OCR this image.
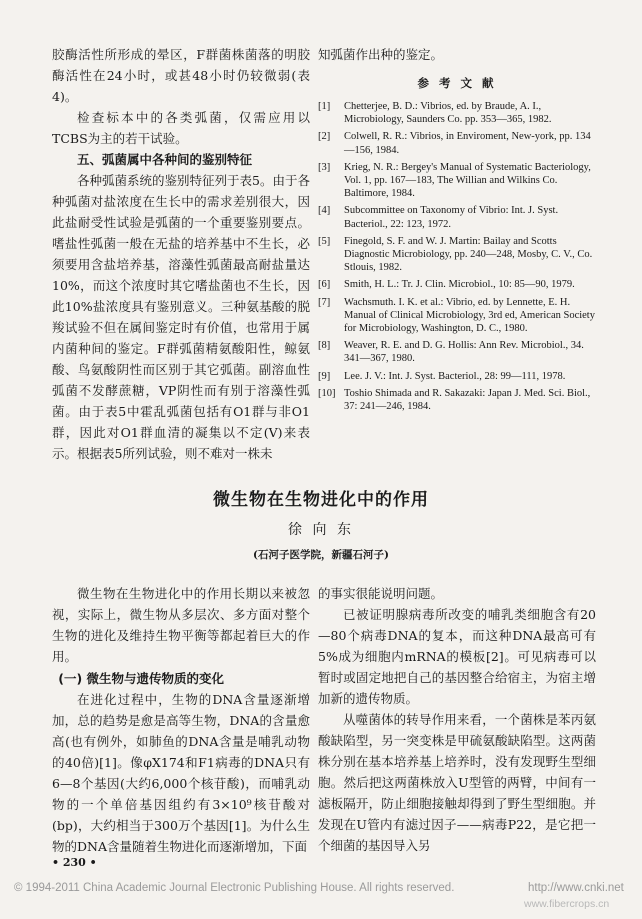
胶酶活性所形成的晕区，F群菌株菌落的明胶酶活性在24小时，或甚48小时仍较微弱(表4)。

检查标本中的各类弧菌，仅需应用以TCBS为主的若干试验。

五、弧菌属中各种间的鉴别特征

各种弧菌系统的鉴别特征列于表5。由于各种弧菌对盐浓度在生长中的需求差别很大，因此盐耐受性试验是弧菌的一个重要鉴别要点。嗜盐性弧菌一般在无盐的培养基中不生长，必须要用含盐培养基，溶藻性弧菌最高耐盐量达10%，而这个浓度时其它嗜盐菌也不生长，因此10%盐浓度具有鉴别意义。三种氨基酸的脱羧试验不但在属间鉴定时有价值，也常用于属内菌种间的鉴定。F群弧菌精氨酸阳性，鲸氨酸、鸟氨酸阴性而区别于其它弧菌。副溶血性弧菌不发酵蔗糖，VP阴性而有别于溶藻性弧菌。由于表5中霍乱弧菌包括有O1群与非O1群，因此对O1群血清的凝集以不定(V)来表示。根据表5所列试验，则不难对一株未

知弧菌作出种的鉴定。

参 考 文 献
[1]	Chetterjee, B. D.: Vibrios, ed. by Braude, A. I., Microbiology, Saunders Co. pp. 353—365, 1982.
[2]	Colwell, R. R.: Vibrios, in Enviroment, New-york, pp. 134—156, 1984.
[3]	Krieg, N. R.: Bergey's Manual of Systematic Bacteriology, Vol. 1, pp. 167—183, The Willian and Wilkins Co. Baltimore, 1984.
[4]	Subcommittee on Taxonomy of Vibrio: Int. J. Syst. Bacteriol., 22: 123, 1972.
[5]	Finegold, S. F. and W. J. Martin: Bailay and Scotts Diagnostic Microbiology, pp. 240—248, Mosby, C. V., Co. Stlouis, 1982.
[6]	Smith, H. L.: Tr. J. Clin. Microbiol., 10: 85—90, 1979.
[7]	Wachsmuth. I. K. et al.: Vibrio, ed. by Lennette, E. H. Manual of Clinical Microbiology, 3rd ed, American Society for Microbiology, Washington, D. C., 1980.
[8]	Weaver, R. E. and D. G. Hollis: Ann Rev. Microbiol., 34. 341—367, 1980.
[9]	Lee. J. V.: Int. J. Syst. Bacteriol., 28: 99—111, 1978.
[10] Toshio Shimada and R. Sakazaki: Japan J. Med. Sci. Biol., 37: 241—246, 1984.
微生物在生物进化中的作用
徐 向 东
(石河子医学院，新疆石河子)

微生物在生物进化中的作用长期以来被忽视，实际上，微生物从多层次、多方面对整个生物的进化及维持生物平衡等都起着巨大的作用。

(一) 微生物与遗传物质的变化

在进化过程中，生物的DNA含量逐渐增加，总的趋势是愈是高等生物，DNA的含量愈高(也有例外，如肺鱼的DNA含量是哺乳动物的40倍)[1]。像φX174和F1病毒的DNA只有6—8个基因(大约6,000个核苷酸)，而哺乳动物的一个单倍基因组约有3×10⁹核苷酸对(bp)，大约相当于300万个基因[1]。为什么生物的DNA含量随着生物进化而逐渐增加，下面

的事实很能说明问题。

已被证明腺病毒所改变的哺乳类细胞含有20—80个病毒DNA的复本，而这种DNA最高可有5%成为细胞内mRNA的模板[2]。可见病毒可以暂时或固定地把自己的基因整合给宿主，为宿主增加新的遗传物质。

从噬菌体的转导作用来看，一个菌株是苯丙氨酸缺陷型，另一突变株是甲硫氨酸缺陷型。这两菌株分别在基本培养基上培养时，没有发现野生型细胞。然后把这两菌株放入U型管的两臂，中间有一滤板隔开，防止细胞接触却得到了野生型细胞。并发现在U管内有滤过因子——病毒P22，是它把一个细菌的基因导入另

• 230 •
© 1994-2011 China Academic Journal Electronic Publishing House. All rights reserved.	http://www.cnki.net
www.fibercrops.cn
